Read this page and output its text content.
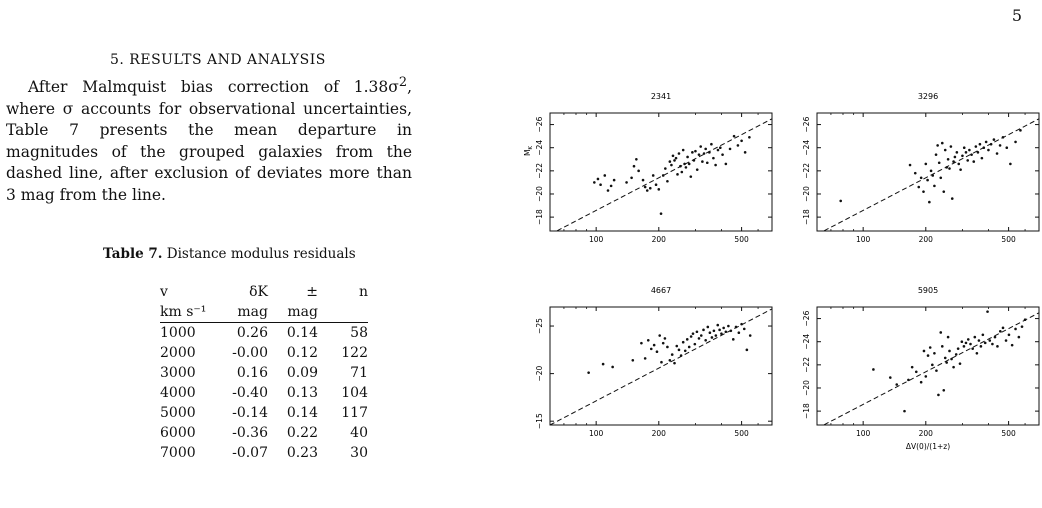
5
5. RESULTS AND ANALYSIS
After Malmquist bias correction of $1.38\sigma^2$, where σ accounts for observational uncertainties, Table 7 presents the mean departure in magnitudes of the grouped galaxies from the dashed line, after exclusion of deviates more than 3 mag from the line.
Table 7. Distance modulus residuals
v	δK	±	n
km s⁻¹	mag	mag	
1000	0.26	0.14	58
2000	-0.00	0.12	122
3000	0.16	0.09	71
4000	-0.40	0.13	104
5000	-0.14	0.14	117
6000	-0.36	0.22	40
7000	-0.07	0.23	30
2341
100	200	500
−18
−20
−22
−24
−26
$M_K$
3296
100	200	500
−18
−20
−22
−24
−26
4667
100	200	500
−15
−20
−25
5905
100	200	500
−18
−20
−22
−24
−26
ΔV(0)/(1+z)
